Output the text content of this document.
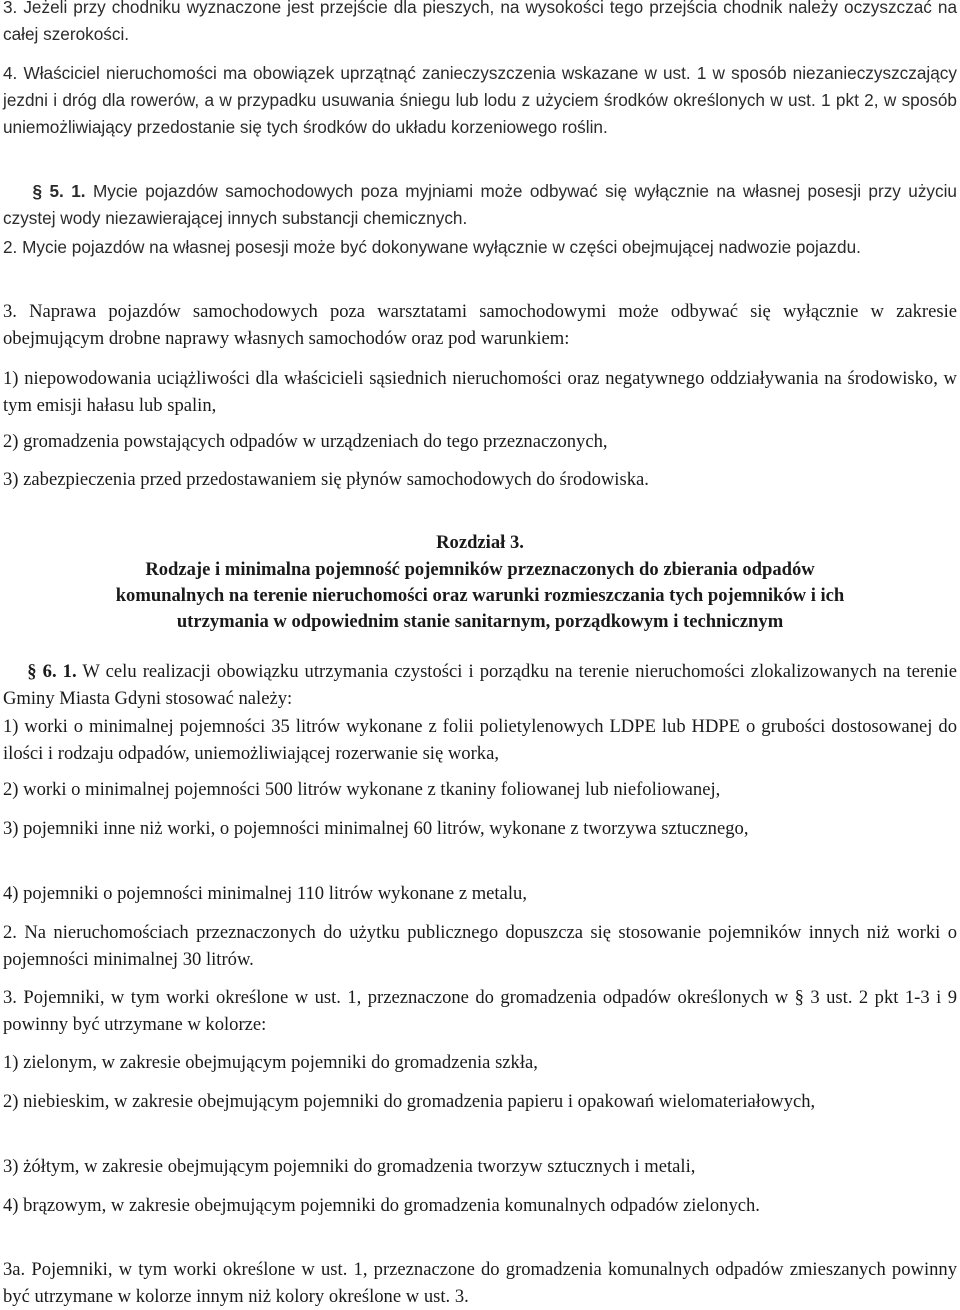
3. Jeżeli przy chodniku wyznaczone jest przejście dla pieszych, na wysokości tego przejścia chodnik należy oczyszczać na całej szerokości.

4. Właściciel nieruchomości ma obowiązek uprzątnąć zanieczyszczenia wskazane w ust. 1 w sposób niezanieczyszczający jezdni i dróg dla rowerów, a w przypadku usuwania śniegu lub lodu z użyciem środków określonych w ust. 1 pkt 2, w sposób uniemożliwiający przedostanie się tych środków do układu korzeniowego roślin.

§ 5. 1. Mycie pojazdów samochodowych poza myjniami może odbywać się wyłącznie na własnej posesji przy użyciu czystej wody niezawierającej innych substancji chemicznych.

2. Mycie pojazdów na własnej posesji może być dokonywane wyłącznie w części obejmującej nadwozie pojazdu.

3. Naprawa pojazdów samochodowych poza warsztatami samochodowymi może odbywać się wyłącznie w zakresie obejmującym drobne naprawy własnych samochodów oraz pod warunkiem:

1) niepowodowania uciążliwości dla właścicieli sąsiednich nieruchomości oraz negatywnego oddziaływania na środowisko, w tym emisji hałasu lub spalin,

2) gromadzenia powstających odpadów w urządzeniach do tego przeznaczonych,

3) zabezpieczenia przed przedostawaniem się płynów samochodowych do środowiska.

Rozdział 3.

Rodzaje i minimalna pojemność pojemników przeznaczonych do zbierania odpadów

komunalnych na terenie nieruchomości oraz warunki rozmieszczania tych pojemników i ich

utrzymania w odpowiednim stanie sanitarnym, porządkowym i technicznym

§ 6. 1. W celu realizacji obowiązku utrzymania czystości i porządku na terenie nieruchomości zlokalizowanych na terenie Gminy Miasta Gdyni stosować należy:

1) worki o minimalnej pojemności 35 litrów wykonane z folii polietylenowych LDPE lub HDPE o grubości dostosowanej do ilości i rodzaju odpadów, uniemożliwiającej rozerwanie się worka,

2) worki o minimalnej pojemności 500 litrów wykonane z tkaniny foliowanej lub niefoliowanej,

3) pojemniki inne niż worki, o pojemności minimalnej 60 litrów, wykonane z tworzywa sztucznego,

4) pojemniki o pojemności minimalnej 110 litrów wykonane z metalu,

2. Na nieruchomościach przeznaczonych do użytku publicznego dopuszcza się stosowanie pojemników innych niż worki o pojemności minimalnej 30 litrów.

3. Pojemniki, w tym worki określone w ust. 1, przeznaczone do gromadzenia odpadów określonych w § 3 ust. 2 pkt 1-3 i 9 powinny być utrzymane w kolorze:

1) zielonym, w zakresie obejmującym pojemniki do gromadzenia szkła,

2) niebieskim, w zakresie obejmującym pojemniki do gromadzenia papieru i opakowań wielomateriałowych,

3) żółtym, w zakresie obejmującym pojemniki do gromadzenia tworzyw sztucznych i metali,

4) brązowym, w zakresie obejmującym pojemniki do gromadzenia komunalnych odpadów zielonych.

3a. Pojemniki, w tym worki określone w ust. 1, przeznaczone do gromadzenia komunalnych odpadów zmieszanych powinny być utrzymane w kolorze innym niż kolory określone w ust. 3.
